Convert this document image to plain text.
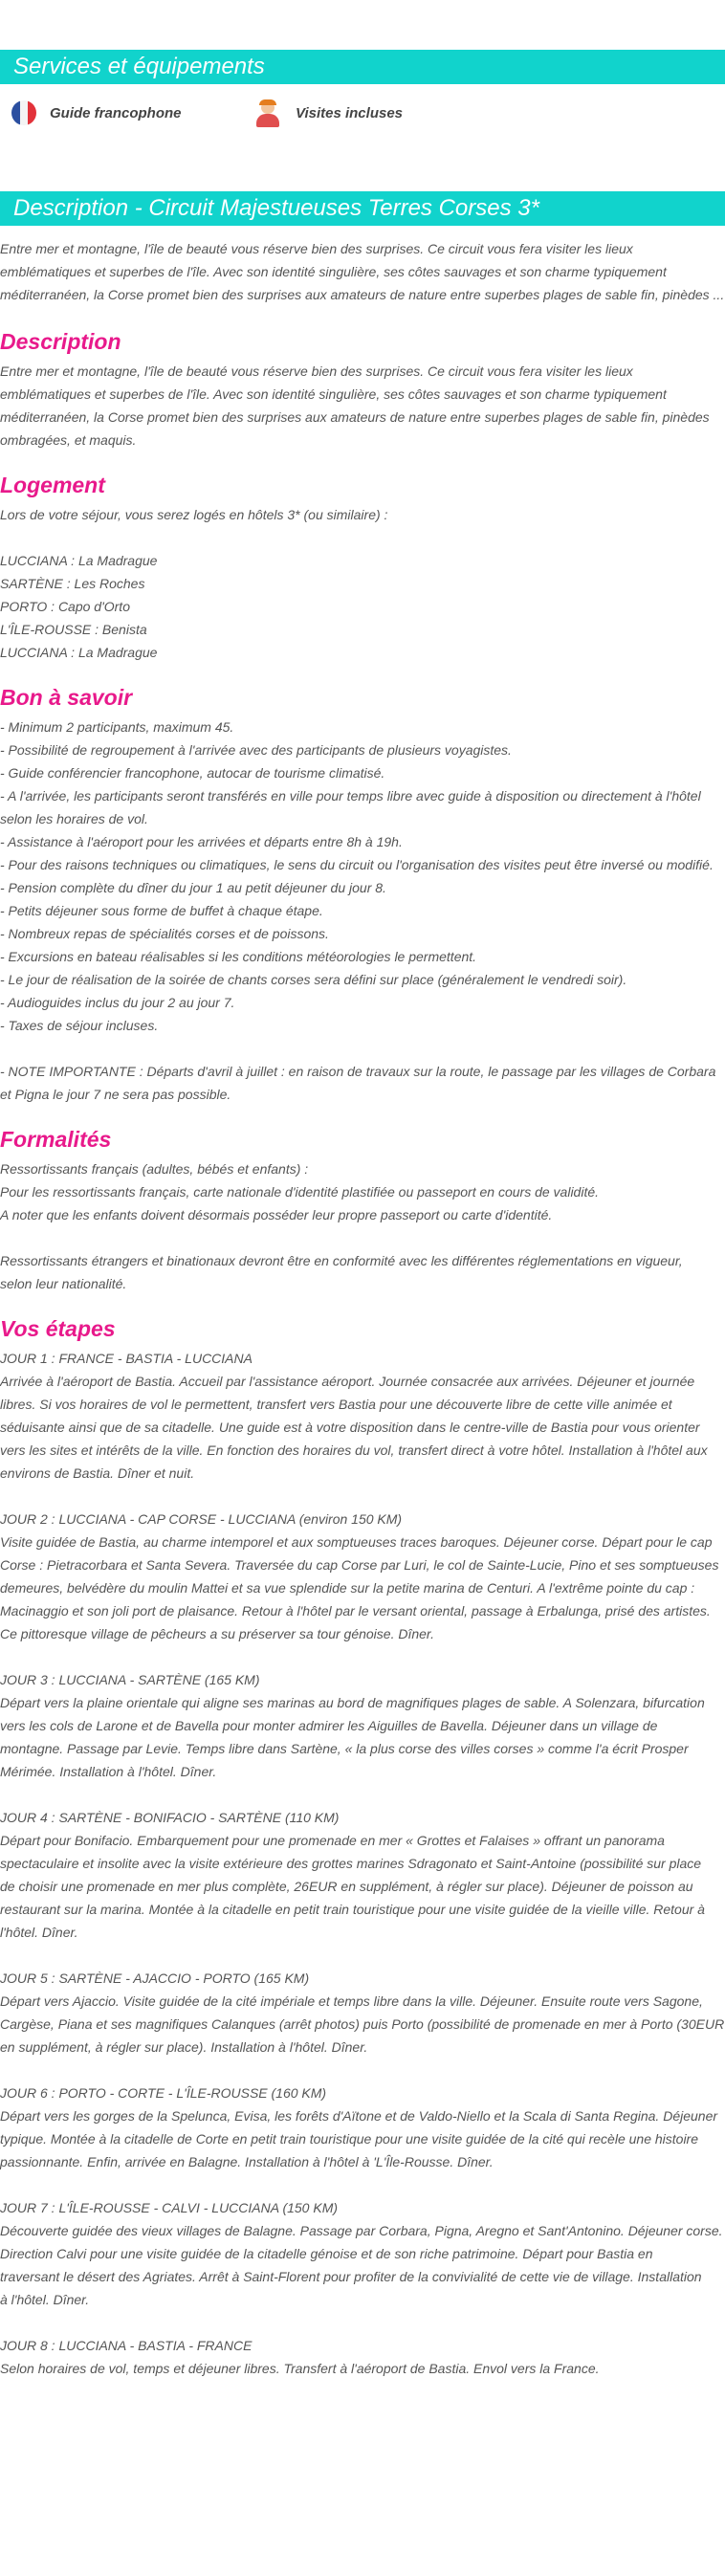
Services et équipements
Guide francophone	Visites incluses
Description - Circuit Majestueuses Terres Corses 3*
Entre mer et montagne, l'île de beauté vous réserve bien des surprises. Ce circuit vous fera visiter les lieux
emblématiques et superbes de l'île. Avec son identité singulière, ses côtes sauvages et son charme typiquement
méditerranéen, la Corse promet bien des surprises aux amateurs de nature entre superbes plages de sable fin, pinèdes ...
Description
Entre mer et montagne, l'île de beauté vous réserve bien des surprises. Ce circuit vous fera visiter les lieux
emblématiques et superbes de l'île. Avec son identité singulière, ses côtes sauvages et son charme typiquement
méditerranéen, la Corse promet bien des surprises aux amateurs de nature entre superbes plages de sable fin, pinèdes
ombragées, et maquis.
Logement
Lors de votre séjour, vous serez logés en hôtels 3* (ou similaire) :

LUCCIANA : La Madrague
SARTÈNE : Les Roches
PORTO : Capo d'Orto
L'ÎLE-ROUSSE : Benista
LUCCIANA : La Madrague
Bon à savoir
- Minimum 2 participants, maximum 45.
- Possibilité de regroupement à l'arrivée avec des participants de plusieurs voyagistes.
- Guide conférencier francophone, autocar de tourisme climatisé.
- A l'arrivée, les participants seront transférés en ville pour temps libre avec guide à disposition ou directement à l'hôtel
selon les horaires de vol.
- Assistance à l'aéroport pour les arrivées et départs entre 8h à 19h.
- Pour des raisons techniques ou climatiques, le sens du circuit ou l'organisation des visites peut être inversé ou modifié.
- Pension complète du dîner du jour 1 au petit déjeuner du jour 8.
- Petits déjeuner sous forme de buffet à chaque étape.
- Nombreux repas de spécialités corses et de poissons.
- Excursions en bateau réalisables si les conditions météorologies le permettent.
- Le jour de réalisation de la soirée de chants corses sera défini sur place (généralement le vendredi soir).
- Audioguides inclus du jour 2 au jour 7.
- Taxes de séjour incluses.

- NOTE IMPORTANTE : Départs d'avril à juillet : en raison de travaux sur la route, le passage par les villages de Corbara
et Pigna le jour 7 ne sera pas possible.
Formalités
Ressortissants français (adultes, bébés et enfants) :
Pour les ressortissants français, carte nationale d'identité plastifiée ou passeport en cours de validité.
A noter que les enfants doivent désormais posséder leur propre passeport ou carte d'identité.

Ressortissants étrangers et binationaux devront être en conformité avec les différentes réglementations en vigueur,
selon leur nationalité.
Vos étapes
JOUR 1 : FRANCE - BASTIA - LUCCIANA
Arrivée à l'aéroport de Bastia. Accueil par l'assistance aéroport. Journée consacrée aux arrivées. Déjeuner et journée
libres. Si vos horaires de vol le permettent, transfert vers Bastia pour une découverte libre de cette ville animée et
séduisante ainsi que de sa citadelle. Une guide est à votre disposition dans le centre-ville de Bastia pour vous orienter
vers les sites et intérêts de la ville. En fonction des horaires du vol, transfert direct à votre hôtel. Installation à l'hôtel aux
environs de Bastia. Dîner et nuit.

JOUR 2 : LUCCIANA - CAP CORSE - LUCCIANA (environ 150 KM)
Visite guidée de Bastia, au charme intemporel et aux somptueuses traces baroques. Déjeuner corse. Départ pour le cap
Corse : Pietracorbara et Santa Severa. Traversée du cap Corse par Luri, le col de Sainte-Lucie, Pino et ses somptueuses
demeures, belvédère du moulin Mattei et sa vue splendide sur la petite marina de Centuri. A l'extrême pointe du cap :
Macinaggio et son joli port de plaisance. Retour à l'hôtel par le versant oriental, passage à Erbalunga, prisé des artistes.
Ce pittoresque village de pêcheurs a su préserver sa tour génoise. Dîner.

JOUR 3 : LUCCIANA - SARTÈNE (165 KM)
Départ vers la plaine orientale qui aligne ses marinas au bord de magnifiques plages de sable. A Solenzara, bifurcation
vers les cols de Larone et de Bavella pour monter admirer les Aiguilles de Bavella. Déjeuner dans un village de
montagne. Passage par Levie. Temps libre dans Sartène, « la plus corse des villes corses » comme l'a écrit Prosper
Mérimée. Installation à l'hôtel. Dîner.

JOUR 4 : SARTÈNE - BONIFACIO - SARTÈNE (110 KM)
Départ pour Bonifacio. Embarquement pour une promenade en mer « Grottes et Falaises » offrant un panorama
spectaculaire et insolite avec la visite extérieure des grottes marines Sdragonato et Saint-Antoine (possibilité sur place
de choisir une promenade en mer plus complète, 26EUR en supplément, à régler sur place). Déjeuner de poisson au
restaurant sur la marina. Montée à la citadelle en petit train touristique pour une visite guidée de la vieille ville. Retour à
l'hôtel. Dîner.

JOUR 5 : SARTÈNE - AJACCIO - PORTO (165 KM)
Départ vers Ajaccio. Visite guidée de la cité impériale et temps libre dans la ville. Déjeuner. Ensuite route vers Sagone,
Cargèse, Piana et ses magnifiques Calanques (arrêt photos) puis Porto (possibilité de promenade en mer à Porto (30EUR
en supplément, à régler sur place). Installation à l'hôtel. Dîner.

JOUR 6 : PORTO - CORTE - L'ÎLE-ROUSSE (160 KM)
Départ vers les gorges de la Spelunca, Evisa, les forêts d'Aïtone et de Valdo-Niello et la Scala di Santa Regina. Déjeuner
typique. Montée à la citadelle de Corte en petit train touristique pour une visite guidée de la cité qui recèle une histoire
passionnante. Enfin, arrivée en Balagne. Installation à l'hôtel à 'L'Île-Rousse. Dîner.

JOUR 7 : L'ÎLE-ROUSSE - CALVI - LUCCIANA (150 KM)
Découverte guidée des vieux villages de Balagne. Passage par Corbara, Pigna, Aregno et Sant'Antonino. Déjeuner corse.
Direction Calvi pour une visite guidée de la citadelle génoise et de son riche patrimoine. Départ pour Bastia en
traversant le désert des Agriates. Arrêt à Saint-Florent pour profiter de la convivialité de cette vie de village. Installation
à l'hôtel. Dîner.

JOUR 8 : LUCCIANA - BASTIA - FRANCE
Selon horaires de vol, temps et déjeuner libres. Transfert à l'aéroport de Bastia. Envol vers la France.
